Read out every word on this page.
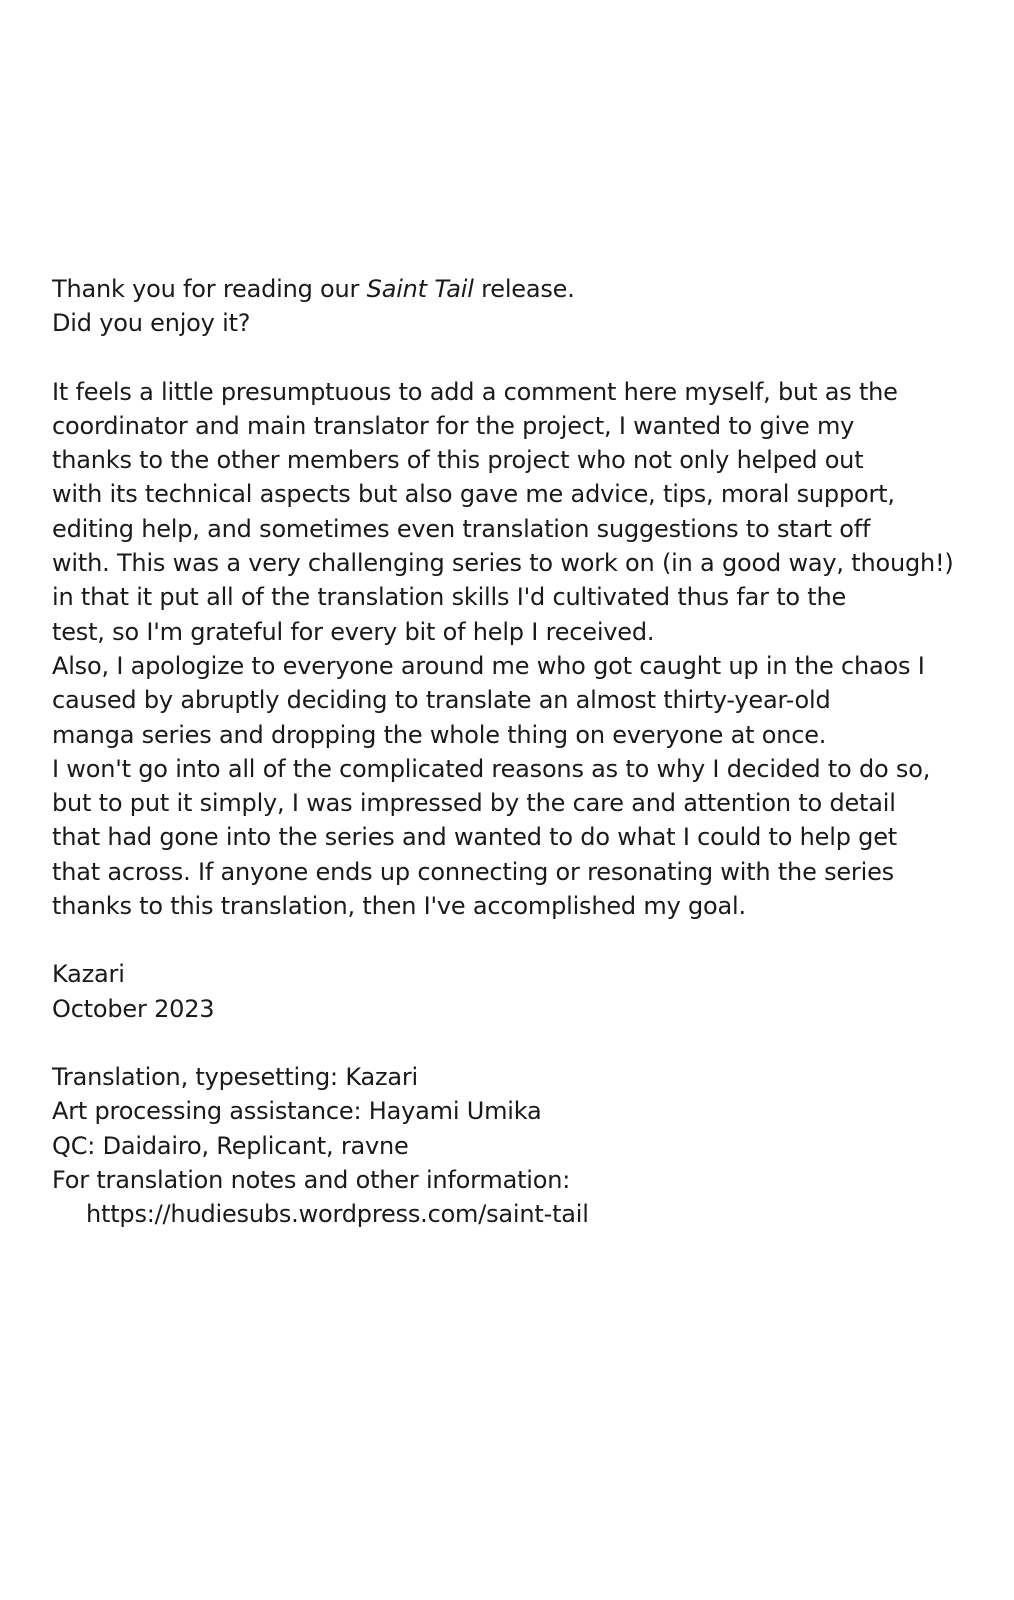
Thank you for reading our Saint Tail release.
Did you enjoy it?
It feels a little presumptuous to add a comment here myself, but as the
coordinator and main translator for the project, I wanted to give my
thanks to the other members of this project who not only helped out
with its technical aspects but also gave me advice, tips, moral support,
editing help, and sometimes even translation suggestions to start off
with. This was a very challenging series to work on (in a good way, though!)
in that it put all of the translation skills I'd cultivated thus far to the
test, so I'm grateful for every bit of help I received.
Also, I apologize to everyone around me who got caught up in the chaos I
caused by abruptly deciding to translate an almost thirty-year-old
manga series and dropping the whole thing on everyone at once.
I won't go into all of the complicated reasons as to why I decided to do so,
but to put it simply, I was impressed by the care and attention to detail
that had gone into the series and wanted to do what I could to help get
that across. If anyone ends up connecting or resonating with the series
thanks to this translation, then I've accomplished my goal.
Kazari
October 2023
Translation, typesetting: Kazari
Art processing assistance: Hayami Umika
QC: Daidairo, Replicant, ravne
For translation notes and other information:
https://hudiesubs.wordpress.com/saint-tail
